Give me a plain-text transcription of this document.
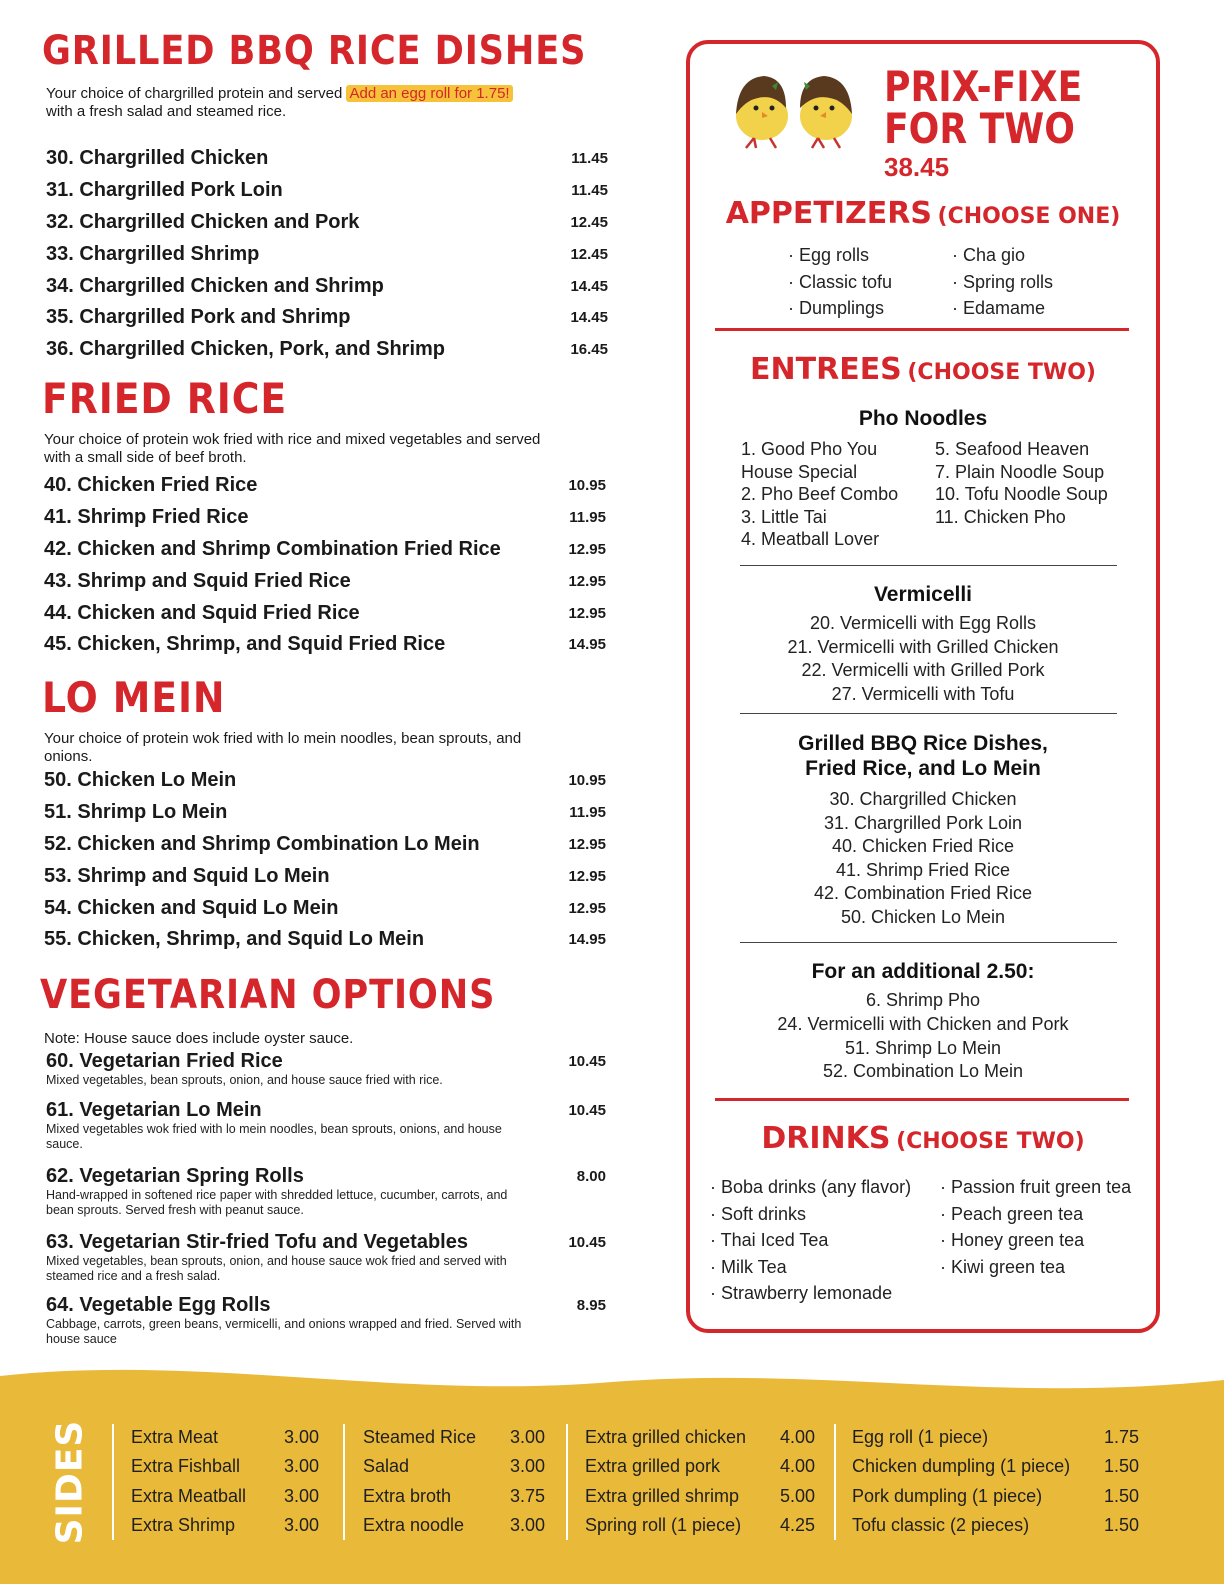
GRILLED BBQ RICE DISHES
Your choice of chargrilled protein and served Add an egg roll for 1.75!
with a fresh salad and steamed rice.
30. Chargrilled Chicken	11.45
31. Chargrilled Pork Loin	11.45
32. Chargrilled Chicken and Pork	12.45
33. Chargrilled Shrimp	12.45
34. Chargrilled Chicken and Shrimp	14.45
35. Chargrilled Pork and Shrimp	14.45
36. Chargrilled Chicken, Pork, and Shrimp	16.45
FRIED RICE
Your choice of protein wok fried with rice and mixed vegetables and served with a small side of beef broth.
40. Chicken Fried Rice	10.95
41. Shrimp Fried Rice	11.95
42. Chicken and Shrimp Combination Fried Rice	12.95
43. Shrimp and Squid Fried Rice	12.95
44. Chicken and Squid Fried Rice	12.95
45. Chicken, Shrimp, and Squid Fried Rice	14.95
LO MEIN
Your choice of protein wok fried with lo mein noodles, bean sprouts, and onions.
50. Chicken Lo Mein	10.95
51. Shrimp Lo Mein	11.95
52. Chicken and Shrimp Combination Lo Mein	12.95
53. Shrimp and Squid Lo Mein	12.95
54. Chicken and Squid Lo Mein	12.95
55. Chicken, Shrimp, and Squid Lo Mein	14.95
VEGETARIAN OPTIONS
Note: House sauce does include oyster sauce.
60. Vegetarian Fried Rice	10.45
Mixed vegetables, bean sprouts, onion, and house sauce fried with rice.
61. Vegetarian Lo Mein	10.45
Mixed vegetables wok fried with lo mein noodles, bean sprouts, onions, and house sauce.
62. Vegetarian Spring Rolls	8.00
Hand-wrapped in softened rice paper with shredded lettuce, cucumber, carrots, and bean sprouts. Served fresh with peanut sauce.
63. Vegetarian Stir-fried Tofu and Vegetables	10.45
Mixed vegetables, bean sprouts, onion, and house sauce wok fried and served with steamed rice and a fresh salad.
64. Vegetable Egg Rolls	8.95
Cabbage, carrots, green beans, vermicelli, and onions wrapped and fried. Served with house sauce
PRIX-FIXE
FOR TWO
38.45
APPETIZERS (CHOOSE ONE)
· Egg rolls
· Classic tofu
· Dumplings
· Cha gio
· Spring rolls
· Edamame
ENTREES (CHOOSE TWO)
Pho Noodles
1. Good Pho You
House Special
2. Pho Beef Combo
3. Little Tai
4. Meatball Lover
5. Seafood Heaven
7. Plain Noodle Soup
10. Tofu Noodle Soup
11. Chicken Pho
Vermicelli
20. Vermicelli with Egg Rolls
21. Vermicelli with Grilled Chicken
22. Vermicelli with Grilled Pork
27. Vermicelli with Tofu
Grilled BBQ Rice Dishes,
Fried Rice, and Lo Mein
30. Chargrilled Chicken
31. Chargrilled Pork Loin
40. Chicken Fried Rice
41. Shrimp Fried Rice
42. Combination Fried Rice
50. Chicken Lo Mein
For an additional 2.50:
6. Shrimp Pho
24. Vermicelli with Chicken and Pork
51. Shrimp Lo Mein
52. Combination Lo Mein
DRINKS (CHOOSE TWO)
· Boba drinks (any flavor)
· Soft drinks
· Thai Iced Tea
· Milk Tea
· Strawberry lemonade
· Passion fruit green tea
· Peach green tea
· Honey green tea
· Kiwi green tea
SIDES Extra Meat	3.00
Extra Fishball 3.00
Extra Meatball 3.00
Extra Shrimp	3.00
Steamed Rice 3.00
Salad	3.00
Extra broth	3.75
Extra noodle	3.00
Extra grilled chicken 4.00
Extra grilled pork	4.00
Extra grilled shrimp 5.00
Spring roll (1 piece) 4.25
Egg roll (1 piece)	1.75
Chicken dumpling (1 piece) 1.50
Pork dumpling (1 piece)	1.50
Tofu classic (2 pieces)	1.50
